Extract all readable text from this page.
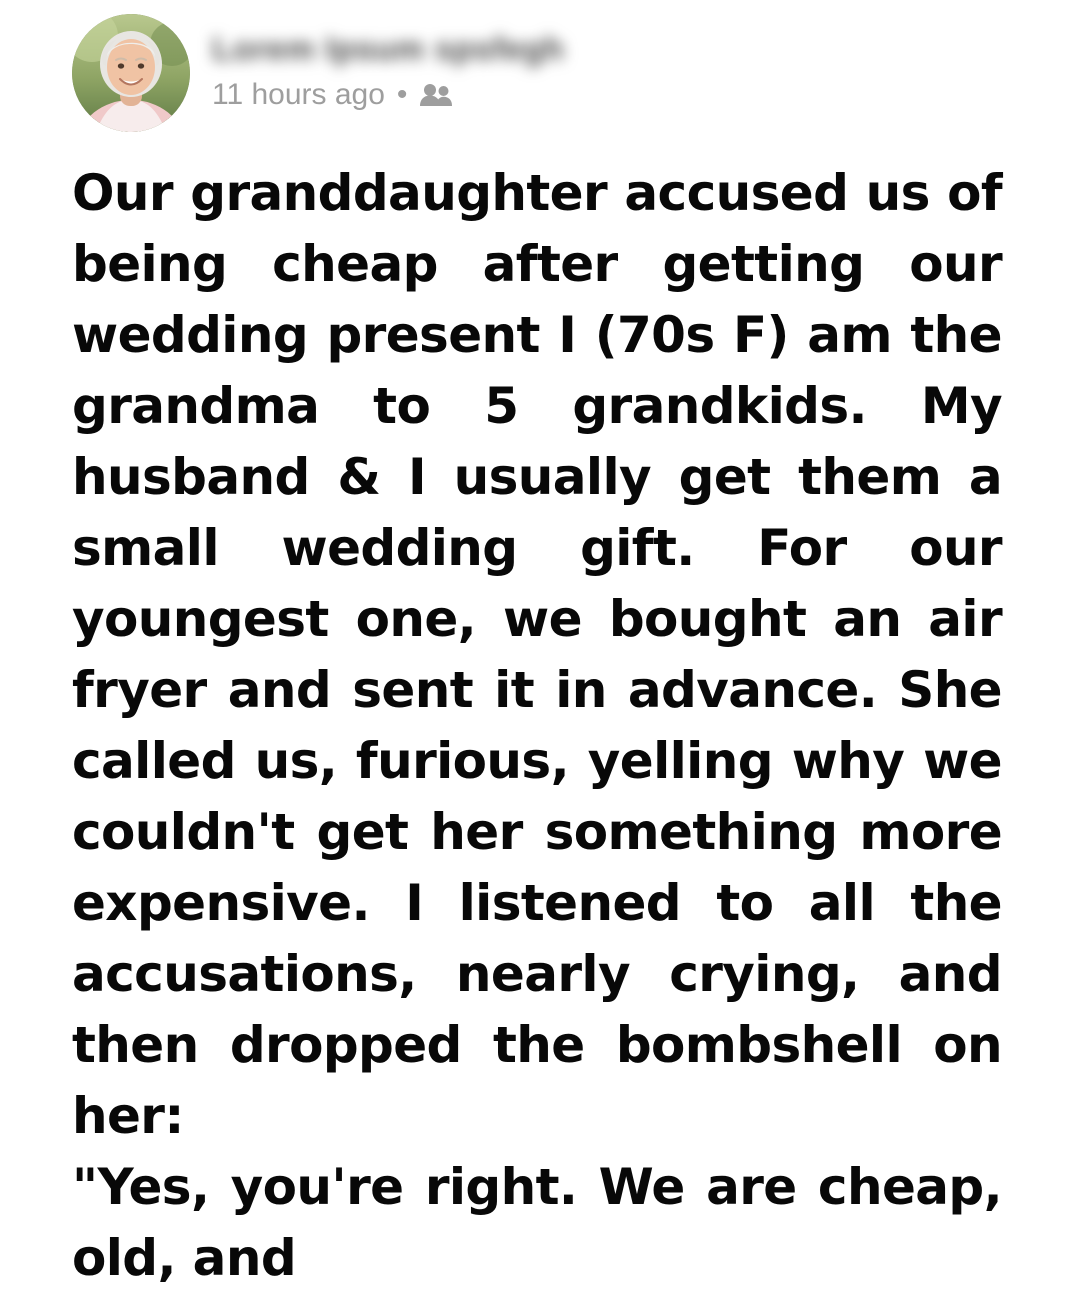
Lorem Ipsum spsfegh
11 hours ago •

Our granddaughter accused us of being cheap after getting our wedding present I (70s F) am the grandma to 5 grandkids. My husband & I usually get them a small wedding gift. For our youngest one, we bought an air fryer and sent it in advance. She called us, furious, yelling why we couldn't get her something more expensive. I listened to all the accusations, nearly crying, and then dropped the bombshell on her:

"Yes, you're right. We are cheap, old, and
